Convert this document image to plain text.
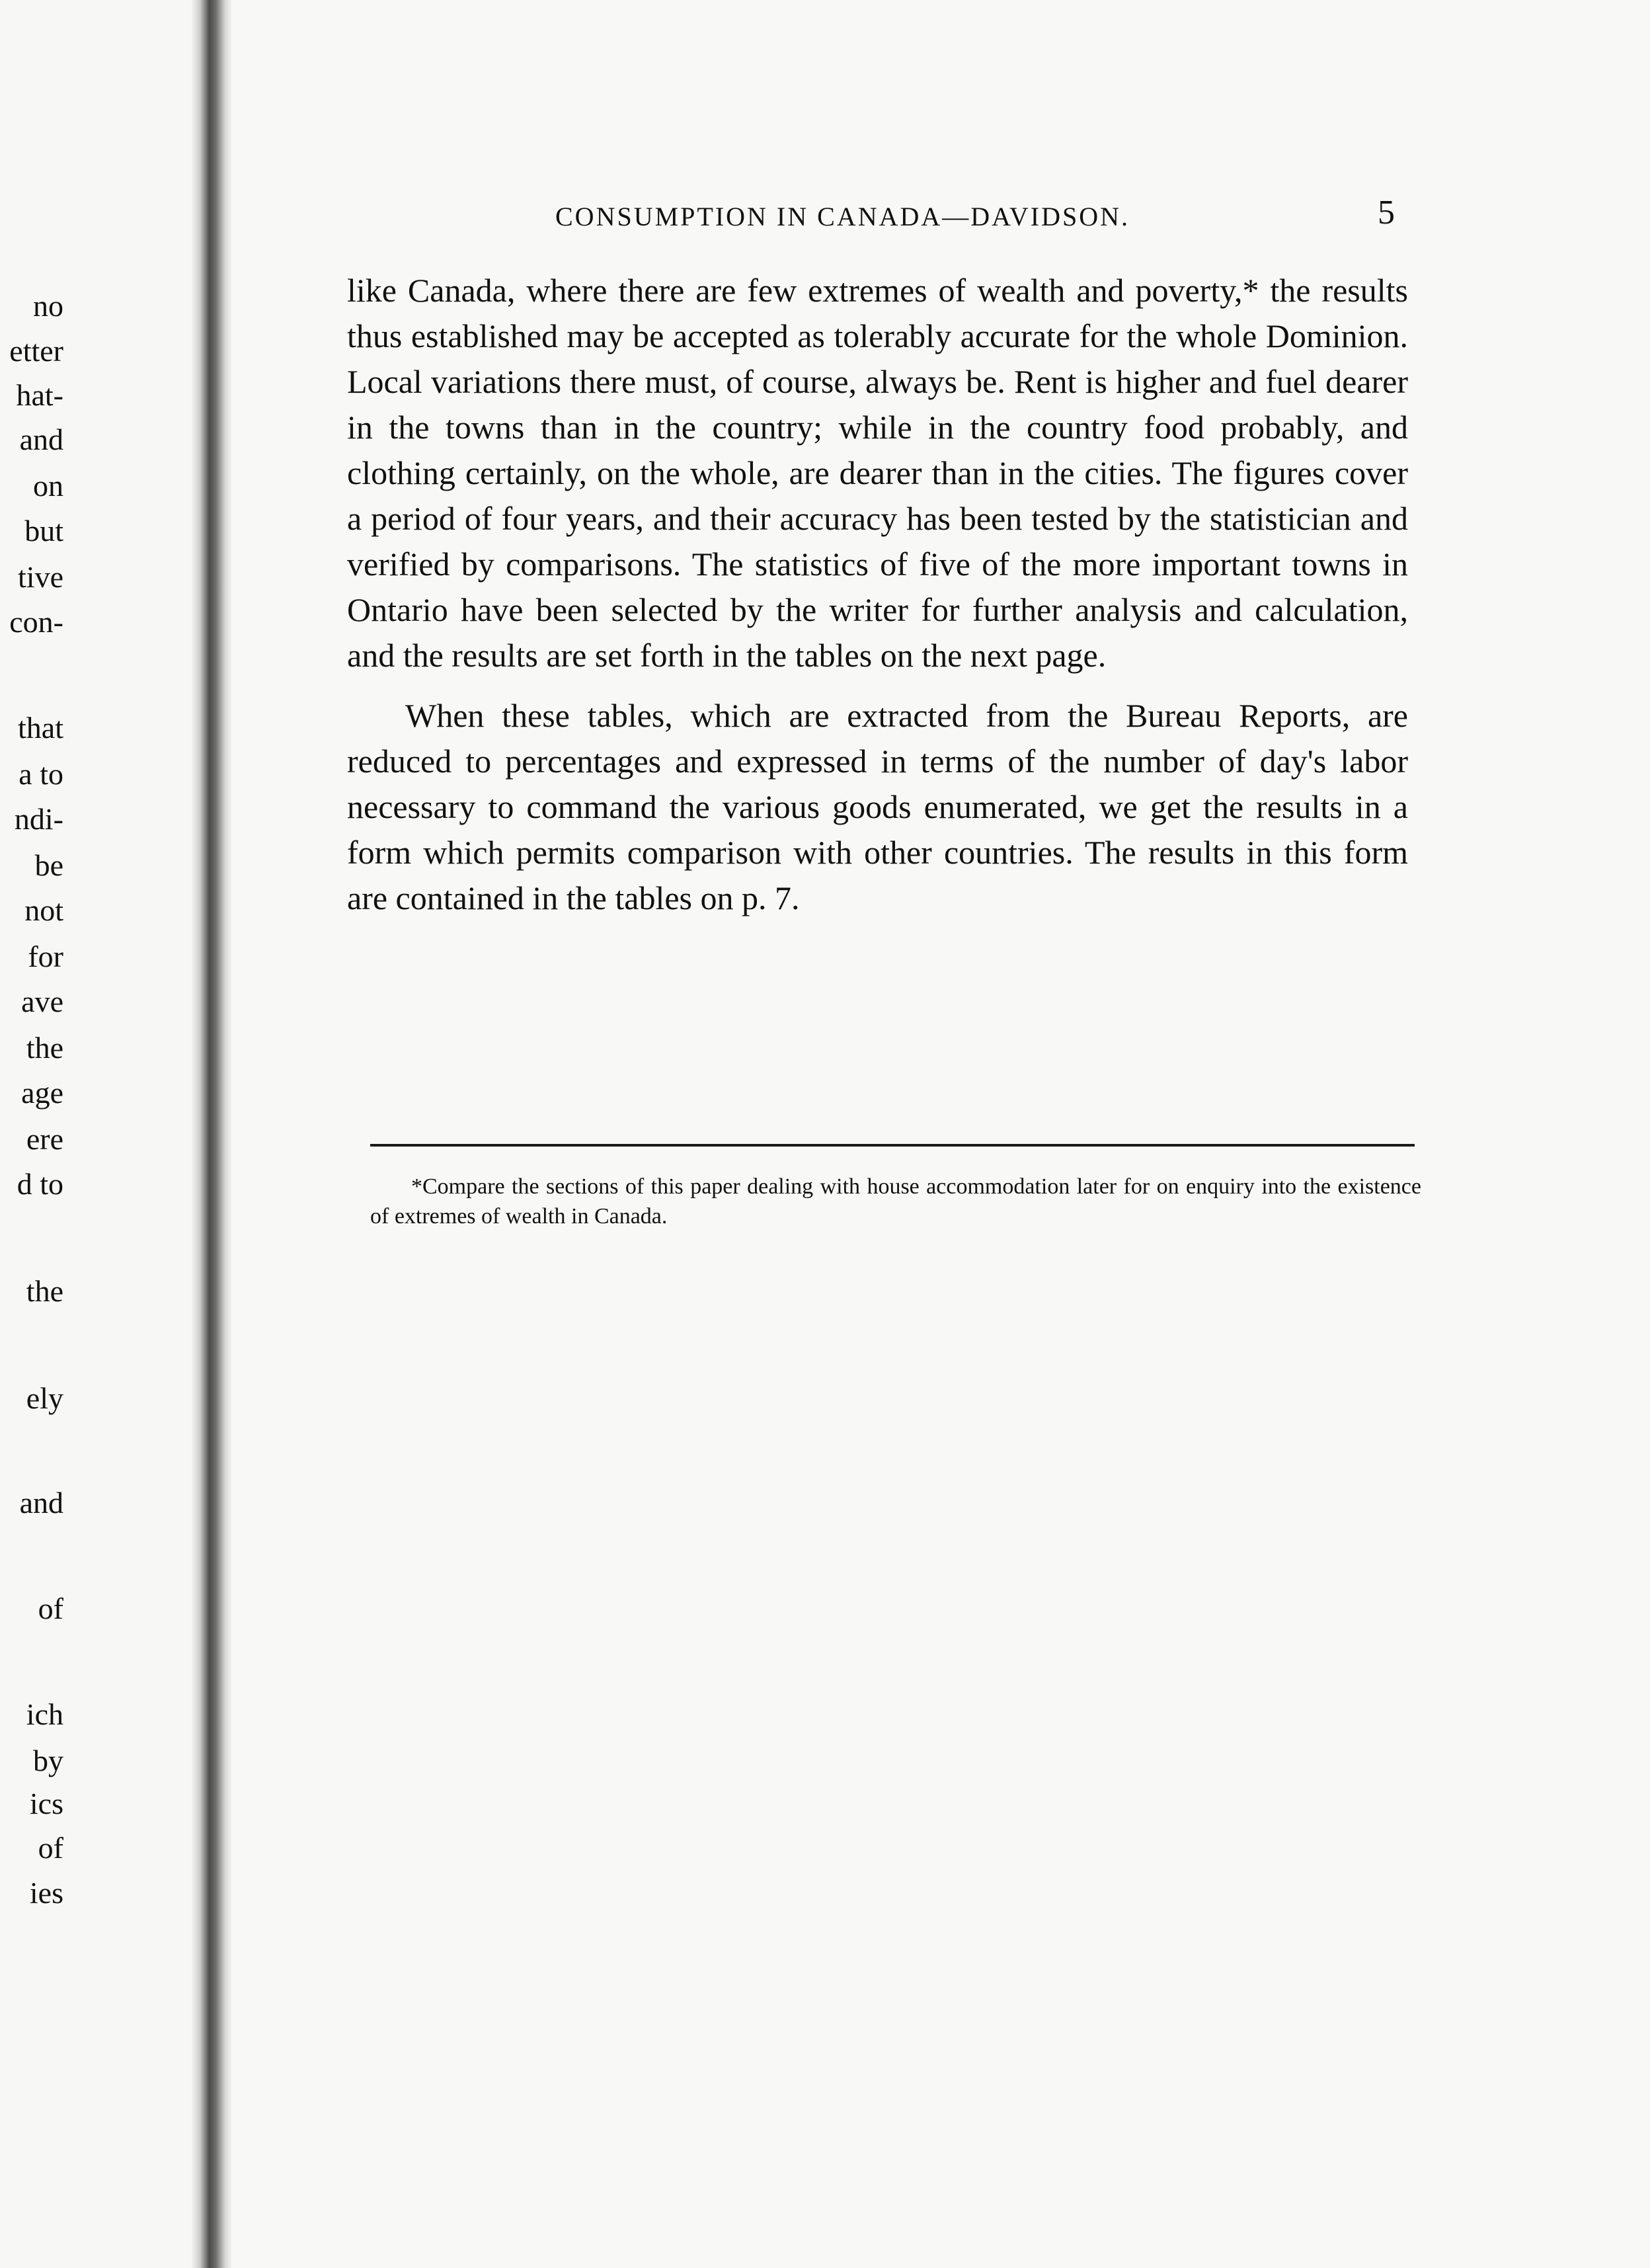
no
etter
hat-
and
on
but
tive
con-
that
a to
ndi-
be
not
for
ave
the
age
ere
d to
the
ely
and
of
ich
by
ics
of
ies
CONSUMPTION IN CANADA—DAVIDSON.	5

like Canada, where there are few extremes of wealth and poverty,* the results thus established may be accepted as tolerably accurate for the whole Dominion. Local variations there must, of course, always be. Rent is higher and fuel dearer in the towns than in the country; while in the country food probably, and clothing certainly, on the whole, are dearer than in the cities. The figures cover a period of four years, and their accuracy has been tested by the statistician and verified by comparisons. The statistics of five of the more important towns in Ontario have been selected by the writer for further analysis and calculation, and the results are set forth in the tables on the next page.

When these tables, which are extracted from the Bureau Reports, are reduced to percentages and expressed in terms of the number of day's labor necessary to command the various goods enumerated, we get the results in a form which permits comparison with other countries. The results in this form are contained in the tables on p. 7.

*Compare the sections of this paper dealing with house accommodation later for on enquiry into the existence of extremes of wealth in Canada.
